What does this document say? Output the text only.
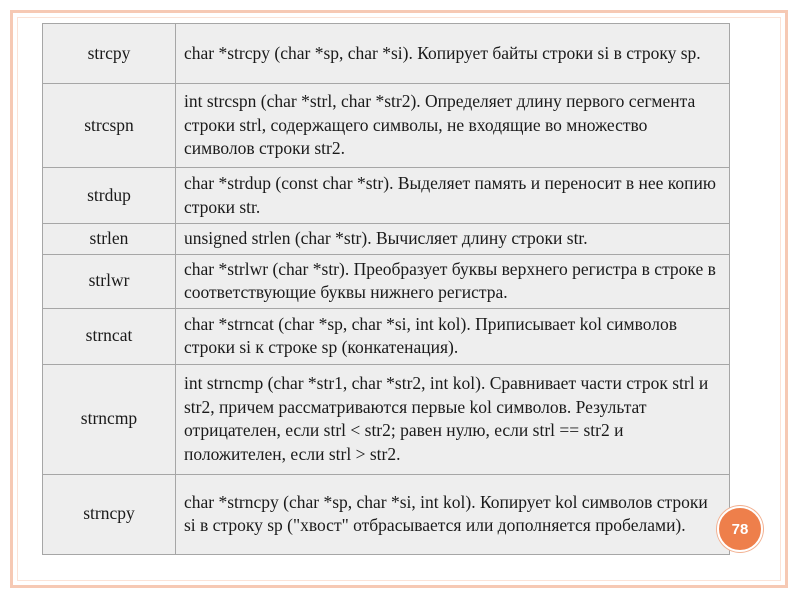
strcpy	char *strcpy (char *sp, char *si). Копирует байты строки si в строку sp.
strcspn	int strcspn (char *strl, char *str2). Определяет длину первого сегмента строки strl, содержащего символы, не входящие во множество символов строки str2.
strdup	char *strdup (const char *str). Выделяет память и переносит в нее копию строки str.
strlen	unsigned strlen (char *str). Вычисляет длину строки str.
strlwr	char *strlwr (char *str). Преобразует буквы верхнего регистра в строке в соответствующие буквы нижнего регистра.
strncat	char *strncat (char *sp, char *si, int kol). Приписывает kol символов строки si к строке sp (конкатенация).
strncmp	int strncmp (char *str1, char *str2, int kol). Сравнивает части строк strl и str2, причем рассматриваются первые kol символов. Результат отрицателен, если strl < str2; равен нулю, если strl == str2 и положителен, если strl > str2.
strncpy	char *strncpy (char *sp, char *si, int kol). Копирует kol символов строки si в строку sp ("хвост" отбрасывается или дополняется пробелами).	78
